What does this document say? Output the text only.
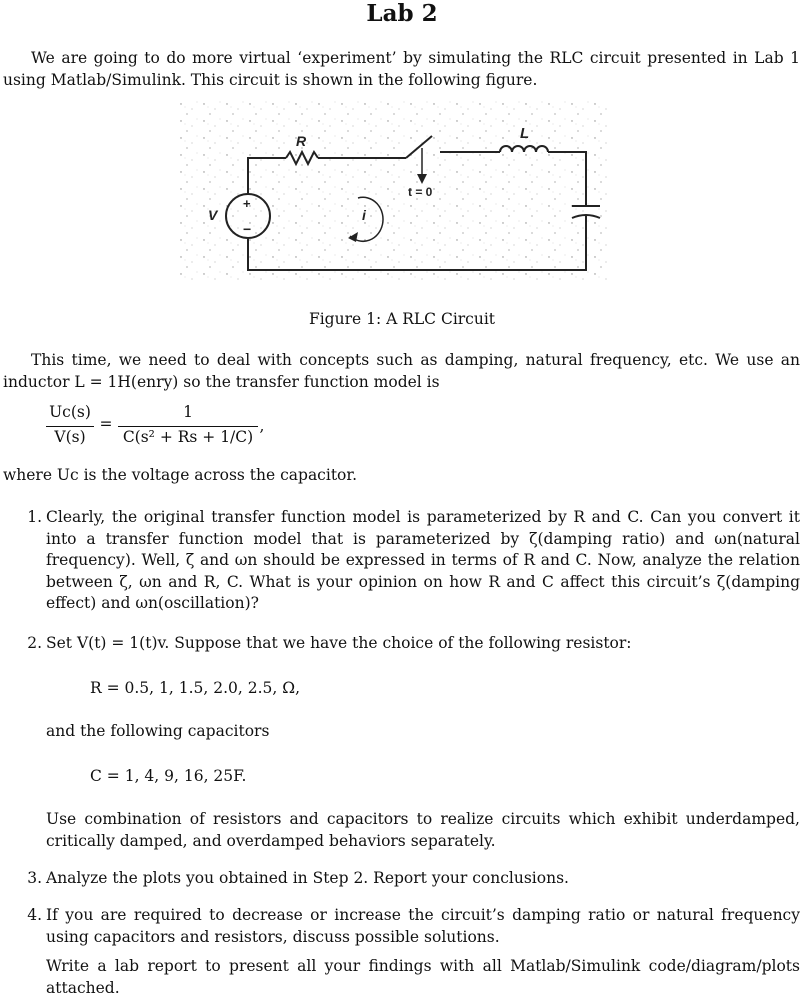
Lab 2
We are going to do more virtual ‘experiment’ by simulating the RLC circuit presented in Lab 1 using Matlab/Simulink. This circuit is shown in the following figure.
R	L
V	i
t = 0
+
−
Figure 1: A RLC Circuit
This time, we need to deal with concepts such as damping, natural frequency, etc. We use an inductor L = 1H(enry) so the transfer function model is
Uc(s)
V(s)
=
1
C(s² + Rs + 1/C)
,
where Uc is the voltage across the capacitor.
1. Clearly, the original transfer function model is parameterized by R and C. Can you convert it into a transfer function model that is parameterized by ζ(damping ratio) and ωn(natural frequency). Well, ζ and ωn should be expressed in terms of R and C. Now, analyze the relation between ζ, ωn and R, C. What is your opinion on how R and C affect this circuit’s ζ(damping effect) and ωn(oscillation)?
2. Set V(t) = 1(t)v. Suppose that we have the choice of the following resistor:
R = 0.5, 1, 1.5, 2.0, 2.5, Ω,
and the following capacitors
C = 1, 4, 9, 16, 25F.
Use combination of resistors and capacitors to realize circuits which exhibit underdamped, critically damped, and overdamped behaviors separately.
3. Analyze the plots you obtained in Step 2. Report your conclusions.
4. If you are required to decrease or increase the circuit’s damping ratio or natural frequency using capacitors and resistors, discuss possible solutions.
Write a lab report to present all your findings with all Matlab/Simulink code/diagram/plots attached.
